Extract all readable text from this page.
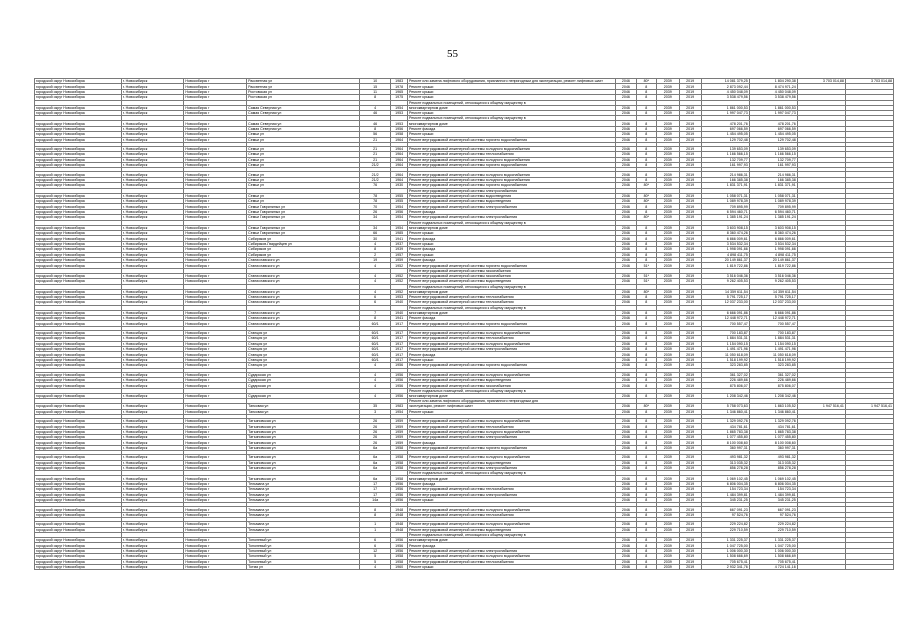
55
городской округ Новосибирск	г. Новосибирск	Новосибирск г	Рассветная ул	10	1983	Ремонт или замена лифтового оборудования, признанного непригодным для эксплуатации, ремонт лифтовых шахт	2046	80*	2039	2019	14 081 379,25	1 804 290,38	3 703 014,88	3 703 014,88
городской округ Новосибирск	г. Новосибирск	Новосибирск г	Рассветная ул	15	1978	Ремонт крыши	2046	8	2039	2019	2 873 092,44	8 474 971,24		
городской округ Новосибирск	г. Новосибирск	Новосибирск г	Ростовская ул	11	1965	Ремонт крыши	2046	8	2039	2019	4 450 048,09	4 450 048,09		
городской округ Новосибирск	г. Новосибирск	Новосибирск г	Ростовская ул	8	1975	Ремонт крыши	2046	8	2039	2019	3 538 479,56	3 538 479,56		
						Ремонт подвальных помещений, относящихся к общему имуществу в								
городской округ Новосибирск	г. Новосибирск	Новосибирск г	Самая Северная ул	4	1954	многоквартирном доме	2046	8	2039	2019	1 861 000,53	1 861 000,53		
городской округ Новосибирск	г. Новосибирск	Новосибирск г	Самая Северная ул	46	1953	Ремонт крыши	2046	8	2039	2019	1 997 047,73	1 997 047,73		
						Ремонт подвальных помещений, относящихся к общему имуществу в								
городской округ Новосибирск	г. Новосибирск	Новосибирск г	Самая Северная ул	46	1953	многоквартирном доме	2046	8	2039	2019	478 201,76	478 201,76		
городской округ Новосибирск	г. Новосибирск	Новосибирск г	Самая Северная ул	8	1956	Ремонт фасада	2046	8	2039	2019	697 066,59	697 066,59		
городской округ Новосибирск	г. Новосибирск	Новосибирск г	Семьи ул	56	1958	Ремонт крыши	2046	8	2039	2019	1 454 495,05	1 454 495,05		
городской округ Новосибирск	г. Новосибирск	Новосибирск г	Семьи ул	21	1964	Ремонт внутридомовой инженерной системы горячего водоснабжения	2046	8	2039	2019	129 702,48	129 702,48		

городской округ Новосибирск	г. Новосибирск	Новосибирск г	Семьи ул	21	1964	Ремонт внутридомовой инженерной системы холодного водоснабжения	2046	8	2039	2019	139 653,09	139 653,09		
городской округ Новосибирск	г. Новосибирск	Новосибирск г	Семьи ул	21	1964	Ремонт внутридомовой инженерной системы теплоснабжения	2046	8	2039	2019	1 166 566,15	1 166 566,15		
городской округ Новосибирск	г. Новосибирск	Новосибирск г	Семьи ул	21	1964	Ремонт внутридомовой инженерной системы холодного водоснабжения	2046	8	2039	2019	132 709,77	132 709,77		
городской округ Новосибирск	г. Новосибирск	Новосибирск г	Семьи ул	21/2	1964	Ремонт внутридомовой инженерной системы горячего водоснабжения	2046	8	2039	2019	161 997,93	161 997,93		

городской округ Новосибирск	г. Новосибирск	Новосибирск г	Семьи ул	21/2	1964	Ремонт внутридомовой инженерной системы холодного водоснабжения	2046	8	2039	2019	214 986,31	214 986,31		
городской округ Новосибирск	г. Новосибирск	Новосибирск г	Семьи ул	21/2	1964	Ремонт внутридомовой инженерной системы холодного водоснабжения	2046	8	2039	2019	166 385,38	166 385,38		
городской округ Новосибирск	г. Новосибирск	Новосибирск г	Семьи ул	76	1930	Ремонт внутридомовой инженерной системы горячего водоснабжения	2046	80*	2039	2019	1 831 371,91	1 831 371,91		
						Ремонт внутридомовой инженерной системы электроснабжения								
городской округ Новосибирск	г. Новосибирск	Новосибирск г	Семьи ул	78	1955	Ремонт внутридомовой инженерной системы водоотведения	2046	80*	2039	2019	1 058 071,31	1 058 071,31		
городской округ Новосибирск	г. Новосибирск	Новосибирск г	Семьи ул	78	1955	Ремонт внутридомовой инженерной системы водоотведения	2046	80*	2039	2019	1 089 978,39	1 089 978,39		
городской округ Новосибирск	г. Новосибирск	Новосибирск г	Семьи Гаврилиных ул	70	1954	Ремонт внутридомовой инженерной системы электроснабжения	2046	8	2039	2019	709 895,99	709 895,99		
городской округ Новосибирск	г. Новосибирск	Новосибирск г	Семьи Гаврилиных ул	26	1956	Ремонт фасада	2046	8	2039	2019	6 594 460,71	6 594 460,71		
городской округ Новосибирск	г. Новосибирск	Новосибирск г	Семьи Гаврилиных ул	34	1954	Ремонт внутридомовой инженерной системы электроснабжения	2046	80*	2039	2019	1 385 191,24	1 385 191,24		
						Ремонт подвальных помещений, относящихся к общему имуществу в								
городской округ Новосибирск	г. Новосибирск	Новосибирск г	Семьи Гаврилиных ул	34	1954	многоквартирном доме	2046	8	2039	2019	3 603 908,15	3 603 908,15		
городской округ Новосибирск	г. Новосибирск	Новосибирск г	Семьи Гаврилиных ул	66	1985	Ремонт крыши	2046	8	2039	2019	8 360 474,26	8 360 474,26		
городской округ Новосибирск	г. Новосибирск	Новосибирск г	Сибиряков ул	30	1941	Ремонт фасада	2046	8	2039	2019	6 866 009,61	6 866 009,61		
городской округ Новосибирск	г. Новосибирск	Новосибирск г	Сибиряков-Гвардейцев ул	4	1937	Ремонт крыши	2046	8	2039	2019	3 534 532,34	3 534 532,34		
городской округ Новосибирск	г. Новосибирск	Новосибирск г	Сибиряков ул	8	1939	Ремонт фасада	2046	8	2039	2019	1 998 091,66	1 998 091,66		
городской округ Новосибирск	г. Новосибирск	Новосибирск г	Сибиряков ул	2	1957	Ремонт крыши	2046	8	2039	2019	4 898 411,75	4 898 411,75		
городской округ Новосибирск	г. Новосибирск	Новосибирск г	Станиславского ул	19	1959	Ремонт фасада	2046	8	2039	2019	20 149 861,37	20 149 861,37		
городской округ Новосибирск	г. Новосибирск	Новосибирск г	Станиславского ул	4	1952	Ремонт внутридомовой инженерной системы горячего водоснабжения	2046	51*	2039	2019	1 819 722,86	1 819 722,86		
						Ремонт внутридомовой инженерной системы газоснабжения								
городской округ Новосибирск	г. Новосибирск	Новосибирск г	Станиславского ул	4	1952	Ремонт внутридомовой инженерной системы газоснабжения	2046	51*	2039	2019	3 516 046,36	3 516 046,36		
городской округ Новосибирск	г. Новосибирск	Новосибирск г	Станиславского ул	4	1952	Ремонт внутридомовой инженерной системы водоотведения	2046	51*	2039	2019	9 262 405,53	9 262 405,53		
						Ремонт подвальных помещений, относящихся к общему имуществу в								
городской округ Новосибирск	г. Новосибирск	Новосибирск г	Станиславского ул	4	1952	многоквартирном доме	2046	80*	2039	2019	14 359 611,54	14 359 611,54		
городской округ Новосибирск	г. Новосибирск	Новосибирск г	Станиславского ул	6	1953	Ремонт внутридомовой инженерной системы теплоснабжения	2046	8	2039	2019	5 791 725,17	5 791 725,17		
городской округ Новосибирск	г. Новосибирск	Новосибирск г	Станиславского ул	6	1940	Ремонт внутридомовой инженерной системы теплоснабжения	2046	8	2039	2019	12 037 233,00	12 037 233,00		
						Ремонт подвальных помещений, относящихся к общему имуществу в								
городской округ Новосибирск	г. Новосибирск	Новосибирск г	Станиславского ул	7	1940	многоквартирном доме	2046	8	2039	2019	6 666 091,86	6 666 091,86		
городской округ Новосибирск	г. Новосибирск	Новосибирск г	Станиславского ул	8	1941	Ремонт фасада	2046	8	2039	2019	12 448 972,71	12 448 972,71		
городской округ Новосибирск	г. Новосибирск	Новосибирск г	Станиславского ул	60/1	1917	Ремонт внутридомовой инженерной системы горячего водоснабжения	2046	8	2039	2019	700 557,47	700 557,47		

городской округ Новосибирск	г. Новосибирск	Новосибирск г	Станция ул	60/1	1917	Ремонт внутридомовой инженерной системы холодного водоснабжения	2046	8	2039	2019	700 183,87	700 183,87		
городской округ Новосибирск	г. Новосибирск	Новосибирск г	Станция ул	60/1	1917	Ремонт внутридомовой инженерной системы теплоснабжения	2046	8	2039	2019	1 884 531,31	1 884 531,31		
городской округ Новосибирск	г. Новосибирск	Новосибирск г	Станция ул	60/1	1917	Ремонт внутридомовой инженерной системы холодного водоснабжения	2046	8	2039	2019	1 154 090,15	1 154 090,15		
городской округ Новосибирск	г. Новосибирск	Новосибирск г	Станция ул	60/1	1917	Ремонт внутридомовой инженерной системы электроснабжения	2046	8	2039	2019	1 491 471,96	1 491 471,96		
городской округ Новосибирск	г. Новосибирск	Новосибирск г	Станция ул	60/1	1917	Ремонт фасада	2046	8	2039	2019	11 050 618,09	11 050 618,09		
городской округ Новосибирск	г. Новосибирск	Новосибирск г	Станция ул	60/1	1917	Ремонт крыши	2046	8	2039	2019	1 518 199,92	1 518 199,92		
городской округ Новосибирск	г. Новосибирск	Новосибирск г	Станция ул	4	1956	Ремонт внутридомовой инженерной системы горячего водоснабжения	2046	8	2039	2019	323 283,85	323 283,85		

городской округ Новосибирск	г. Новосибирск	Новосибирск г	Сударская ул	4	1956	Ремонт внутридомовой инженерной системы холодного водоснабжения	2046	8	2039	2019	361 327,02	361 327,02		
городской округ Новосибирск	г. Новосибирск	Новосибирск г	Сударская ул	4	1956	Ремонт внутридомовой инженерной системы водоотведения	2046	8	2039	2019	226 489,66	226 489,66		
городской округ Новосибирск	г. Новосибирск	Новосибирск г	Сударская ул	4	1956	Ремонт внутридомовой инженерной системы газоснабжения	2046	8	2039	2019	875 806,07	875 806,07		
						Ремонт подвальных помещений, относящихся к общему имуществу в								
городской округ Новосибирск	г. Новосибирск	Новосибирск г	Сударская ул	4	1956	многоквартирном доме	2046	8	2039	2019	1 208 342,46	1 208 342,46		
						Ремонт или замена лифтового оборудования, признанного непригодным для								
городской округ Новосибирск	г. Новосибирск	Новосибирск г	Танковая ул	35	1983	эксплуатации, ремонт лифтовых шахт	2046	80*	2039	2019	5 758 073,63	1 863 105,52	1 947 516,41	1 947 516,41
городской округ Новосибирск	г. Новосибирск	Новосибирск г	Танковая ул	3	1954	Ремонт крыши	2046	8	2039	2019	1 346 860,41	1 346 860,41		

городской округ Новосибирск	г. Новосибирск	Новосибирск г	Татьяновская ул	26	1959	Ремонт внутридомовой инженерной системы холодного водоснабжения	2046	8	2039	2019	1 329 092,76	1 329 092,76		
городской округ Новосибирск	г. Новосибирск	Новосибирск г	Татьяновская ул	26	1959	Ремонт внутридомовой инженерной системы теплоснабжения	2046	8	2039	2019	434 781,61	434 781,61		
городской округ Новосибирск	г. Новосибирск	Новосибирск г	Татьяновская ул	26	1959	Ремонт внутридомовой инженерной системы холодного водоснабжения	2046	8	2039	2019	1 865 783,38	1 865 783,38		
городской округ Новосибирск	г. Новосибирск	Новосибирск г	Татьяновская ул	26	1959	Ремонт внутридомовой инженерной системы электроснабжения	2046	8	2039	2019	1 077 455,80	1 077 455,80		
городской округ Новосибирск	г. Новосибирск	Новосибирск г	Татьяновская ул	26	1959	Ремонт фасада	2046	8	2039	2019	8 100 008,60	8 100 008,60		
городской округ Новосибирск	г. Новосибирск	Новосибирск г	Татьяновская ул	6a	1958	Ремонт внутридомовой инженерной системы горячего водоснабжения	2046	8	2039	2019	360 997,31	360 997,31		

городской округ Новосибирск	г. Новосибирск	Новосибирск г	Татьяновская ул	6a	1958	Ремонт внутридомовой инженерной системы холодного водоснабжения	2046	8	2039	2019	493 981,32	493 981,32		
городской округ Новосибирск	г. Новосибирск	Новосибирск г	Татьяновская ул	6a	1958	Ремонт внутридомовой инженерной системы водоотведения	2046	8	2039	2019	313 035,32	313 035,32		
городской округ Новосибирск	г. Новосибирск	Новосибирск г	Татьяновская ул	6a	1958	Ремонт внутридомовой инженерной системы электроснабжения	2046	8	2039	2019	856 278,28	856 278,28		
						Ремонт подвальных помещений, относящихся к общему имуществу в								
городской округ Новосибирск	г. Новосибирск	Новосибирск г	Татьяновская ул	6a	1958	многоквартирном доме	2046	8	2039	2019	1 069 102,45	1 069 102,45		
городской округ Новосибирск	г. Новосибирск	Новосибирск г	Тельмана ул	17	1956	Ремонт фасада	2046	8	2039	2019	6 806 004,35	6 806 004,35		
городской округ Новосибирск	г. Новосибирск	Новосибирск г	Тельмана ул	17	1956	Ремонт внутридомовой инженерной системы теплоснабжения	2046	8	2039	2019	154 723,34	154 723,34		
городской округ Новосибирск	г. Новосибирск	Новосибирск г	Тельмана ул	17	1956	Ремонт внутридомовой инженерной системы электроснабжения	2046	8	2039	2019	1 484 399,81	1 484 399,81		
городской округ Новосибирск	г. Новосибирск	Новосибирск г	Тельмана ул	14a	1956	Ремонт крыши	2046	8	2039	2019	345 231,25	345 231,25		

городской округ Новосибирск	г. Новосибирск	Новосибирск г	Тельмана ул	8	1948	Ремонт внутридомовой инженерной системы холодного водоснабжения	2046	8	2039	2019	667 091,23	667 091,23		
городской округ Новосибирск	г. Новосибирск	Новосибирск г	Тельмана ул	8	1948	Ремонт внутридомовой инженерной системы теплоснабжения	2046	8	2039	2019	97 524,76	97 524,76		

городской округ Новосибирск	г. Новосибирск	Новосибирск г	Тельмана ул	1	1948	Ремонт внутридомовой инженерной системы холодного водоснабжения	2046	8	2039	2019	229 224,82	229 224,82		
городской округ Новосибирск	г. Новосибирск	Новосибирск г	Тельмана ул	1	1948	Ремонт внутридомовой инженерной системы водоотведения	2046	8	2039	2019	229 710,59	229 710,59		
						Ремонт подвальных помещений, относящихся к общему имуществу в								
городской округ Новосибирск	г. Новосибирск	Новосибирск г	Тополевый ул	6	1956	многоквартирном доме	2046	8	2039	2019	1 331 225,37	1 331 225,37		
городской округ Новосибирск	г. Новосибирск	Новосибирск г	Тополевый ул	6	1956	Ремонт фасада	2046	8	2039	2019	1 047 725,00	1 047 725,00		
городской округ Новосибирск	г. Новосибирск	Новосибирск г	Тополевый ул	12	1956	Ремонт внутридомовой инженерной системы электроснабжения	2046	8	2039	2019	1 006 000,30	1 006 000,30		
городской округ Новосибирск	г. Новосибирск	Новосибирск г	Тополевый ул	5	1958	Ремонт внутридомовой инженерной системы холодного водоснабжения	2046	8	2039	2019	1 508 666,69	1 508 666,69		
городской округ Новосибирск	г. Новосибирск	Новосибирск г	Тополевый ул	5	1958	Ремонт внутридомовой инженерной системы теплоснабжения	2046	8	2039	2019	705 675,41	705 675,41		
городской округ Новосибирск	г. Новосибирск	Новосибирск г	Тотма ул	4	1960	Ремонт крыши	2046	8	2039	2019	2 932 341,76	4 724 141,16		
